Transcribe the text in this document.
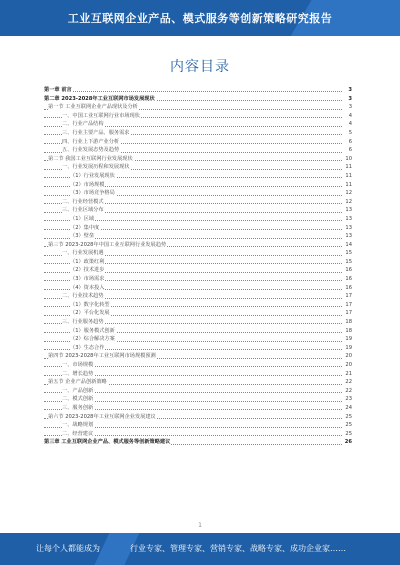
工业互联网企业产品、模式服务等创新策略研究报告
内容目录
第一章 前言	3
第二章 2023-2028年工业互联网市场发展现状	3
第一节 工业互联网企业产品现状及分析	3
一、中国工业互联网行业市场现状	4
二、行业产品结构	4
三、行业主要产品、服务需求	5
四、行业上下游产业分析	6
五、行业发展态势及趋势	6
第二节 我国工业互联网行业发展现状	10
一、行业发展历程和发展现状	11
（1）行业发展现状	11
（2）市场规模	11
（3）市场竞争格局	12
二、行业经营模式	12
三、行业区域分布	13
（1）区域	13
（2）集中度	13
（3）壁垒	13
第三节 2023-2028年中国工业互联网行业发展趋势	14
一、行业发展机遇	15
（1）政策红利	15
（2）技术进步	16
（3）市场需求	16
（4）资本投入	16
二、行业技术趋势	17
（1）数字化转型	17
（2）平台化发展	17
三、行业服务趋势	18
（1）服务模式创新	18
（2）综合解决方案	19
（3）生态合作	19
第四节 2023-2028年工业互联网市场规模预测	20
一、市场规模	20
二、增长趋势	21
第五节 企业产品创新策略	22
一、产品创新	22
二、模式创新	23
三、服务创新	24
第六节 2023-2028年工业互联网企业发展建议	25
一、战略规划	25
二、经营建议	25
第三章 工业互联网企业产品、模式服务等创新策略建议	26
1
让每个人都能成为	行业专家、管理专家、营销专家、战略专家、成功企业家……
